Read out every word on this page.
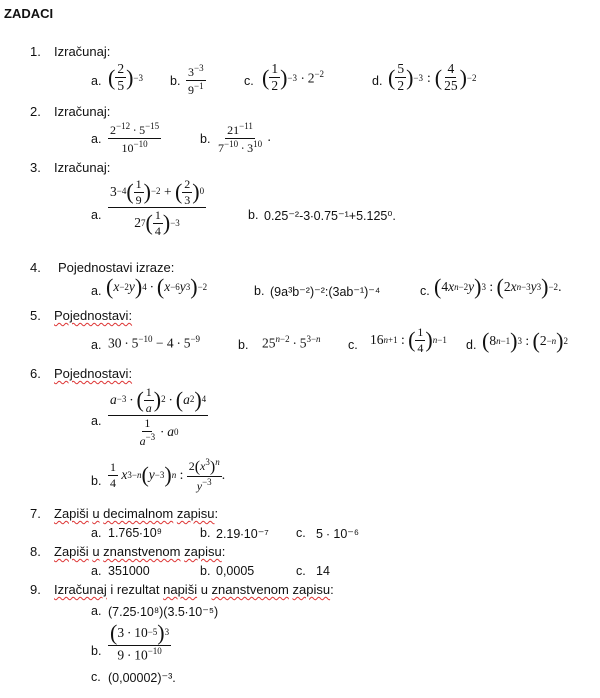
ZADACI
1. Izračunaj:
a. ( $\frac{2}{5}$ ) −3 b. $\frac{3^{-3}}{9^{-1}}$	c. ( $\frac{1}{2}$ ) $-3 \cdot 2^{-2}$
d. ( $\frac{5}{2}$ ) −3 : ( $\frac{4}{25}$ ) −2
2. Izračunaj:
a. $\frac{2^{-12} \cdot 5^{-15}}{10^{-10}}$	b. $\frac{21^{-11}}{7^{-10} \cdot 3^{10}}$ .
3. Izračunaj:
a. $\frac{3 -4 ( \frac{1}{9} ) -2 + ( \frac{2}{3} ) 0}{2 7 ( \frac{1}{4} ) -3}$	b. 0.25⁻²-3∙0.75⁻¹+5.125⁰.
4. Pojednostavi izraze:
a. ( x −2 y ) 4 ∙ ( x −6 y 3 ) −2	b. (9a³b⁻²)⁻²:(3ab⁻¹)⁻⁴	c. ( 4 x n−2 y ) 3 : ( 2 x n−3 y 3 ) −2 .
5. Pojednostavi:
a. $30 \cdot 5^{-10} - 4 \cdot 5^{-9}$	b. $25^{n-2} \cdot 5^{3-n}$ c. 16 n+1 : ( $\frac{1}{4}$ ) n−1 d. ( 8 n−1 ) 3 : ( 2 −n ) 2
6. Pojednostavi:
a. $\frac{a -3 \cdot ( \frac{1}{a} ) 2 \cdot ( a 2 ) 4}{\frac{1}{a^{-3}} \cdot a 0}$
b. $\frac{1}{4}$
x 3−n ( y −3 ) n : $\frac{2(x^3)^n}{y^{-3}}$ .
7. Zapiši u decimalnom zapisu:
a. 1.765∙10⁹	b. 2.19∙10⁻⁷ c. 5 ∙ 10⁻⁶
8. Zapiši u znanstvenom zapisu:
a. 351000	b. 0,0005	c. 14
9. Izračunaj i rezultat napiši u znanstvenom zapisu:
a. (7.25∙10⁸)(3.5∙10⁻⁵)
b. $\frac{( 3 \cdot 10 -5 ) 3}{9 \cdot 10^{-10}}$
c. (0,00002)⁻³.
